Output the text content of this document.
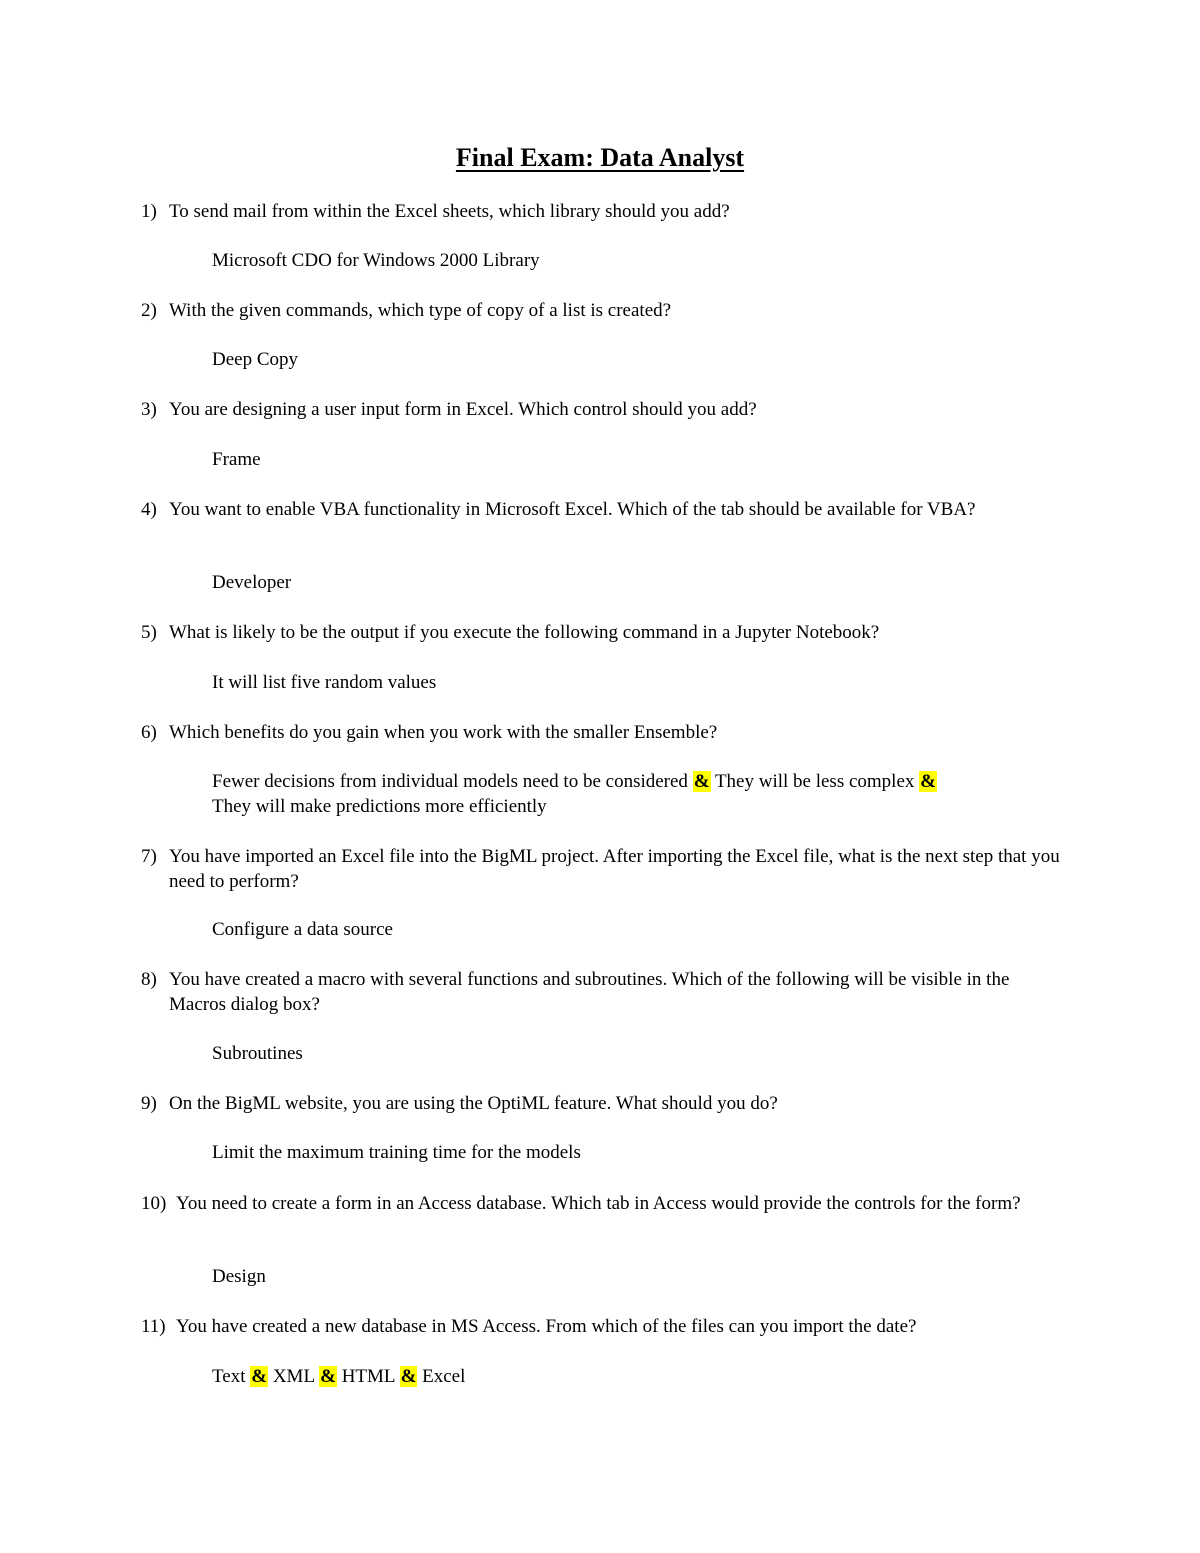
Final Exam: Data Analyst
1) To send mail from within the Excel sheets, which library should you add?
Microsoft CDO for Windows 2000 Library
2) With the given commands, which type of copy of a list is created?
Deep Copy
3) You are designing a user input form in Excel. Which control should you add?
Frame
4) You want to enable VBA functionality in Microsoft Excel. Which of the tab should be available for VBA?
Developer
5) What is likely to be the output if you execute the following command in a Jupyter Notebook?
It will list five random values
6) Which benefits do you gain when you work with the smaller Ensemble?
Fewer decisions from individual models need to be considered & They will be less complex &
They will make predictions more efficiently
7) You have imported an Excel file into the BigML project. After importing the Excel file, what is the next step that you need to perform?
Configure a data source
8) You have created a macro with several functions and subroutines. Which of the following will be visible in the Macros dialog box?
Subroutines
9) On the BigML website, you are using the OptiML feature. What should you do?
Limit the maximum training time for the models
10) You need to create a form in an Access database. Which tab in Access would provide the controls for the form?
Design
11) You have created a new database in MS Access. From which of the files can you import the date?
Text & XML & HTML & Excel
